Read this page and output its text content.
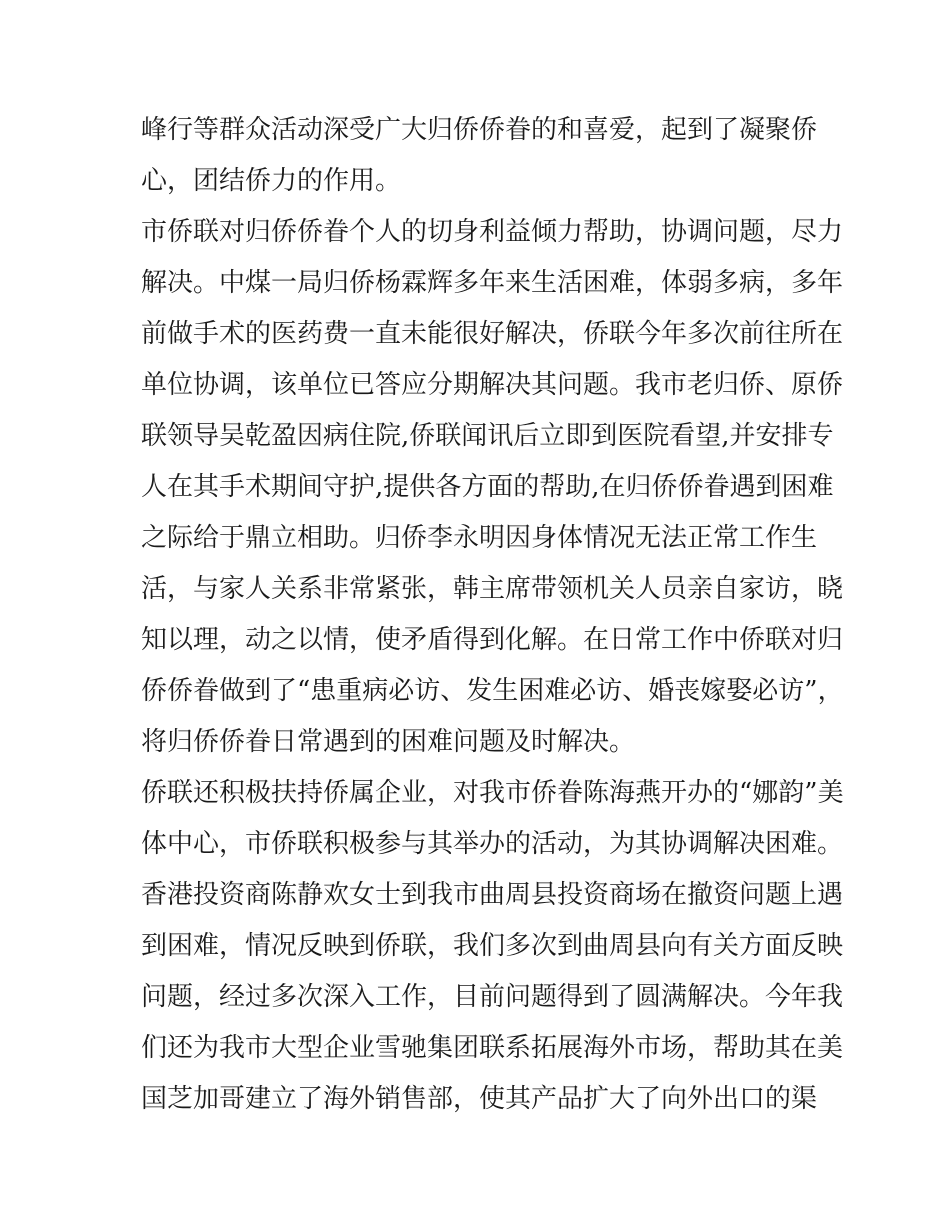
峰行等群众活动深受广大归侨侨眷的和喜爱，起到了凝聚侨
心，团结侨力的作用。
市侨联对归侨侨眷个人的切身利益倾力帮助，协调问题，尽力
解决。中煤一局归侨杨霖辉多年来生活困难，体弱多病，多年
前做手术的医药费一直未能很好解决，侨联今年多次前往所在
单位协调，该单位已答应分期解决其问题。我市老归侨、原侨
联领导吴乾盈因病住院,侨联闻讯后立即到医院看望,并安排专
人在其手术期间守护,提供各方面的帮助,在归侨侨眷遇到困难
之际给于鼎立相助。归侨李永明因身体情况无法正常工作生
活，与家人关系非常紧张，韩主席带领机关人员亲自家访，晓
知以理，动之以情，使矛盾得到化解。在日常工作中侨联对归
侨侨眷做到了“患重病必访、发生困难必访、婚丧嫁娶必访”，
将归侨侨眷日常遇到的困难问题及时解决。
侨联还积极扶持侨属企业，对我市侨眷陈海燕开办的“娜韵”美
体中心，市侨联积极参与其举办的活动，为其协调解决困难。
香港投资商陈静欢女士到我市曲周县投资商场在撤资问题上遇
到困难，情况反映到侨联，我们多次到曲周县向有关方面反映
问题，经过多次深入工作，目前问题得到了圆满解决。今年我
们还为我市大型企业雪驰集团联系拓展海外市场，帮助其在美
国芝加哥建立了海外销售部，使其产品扩大了向外出口的渠
